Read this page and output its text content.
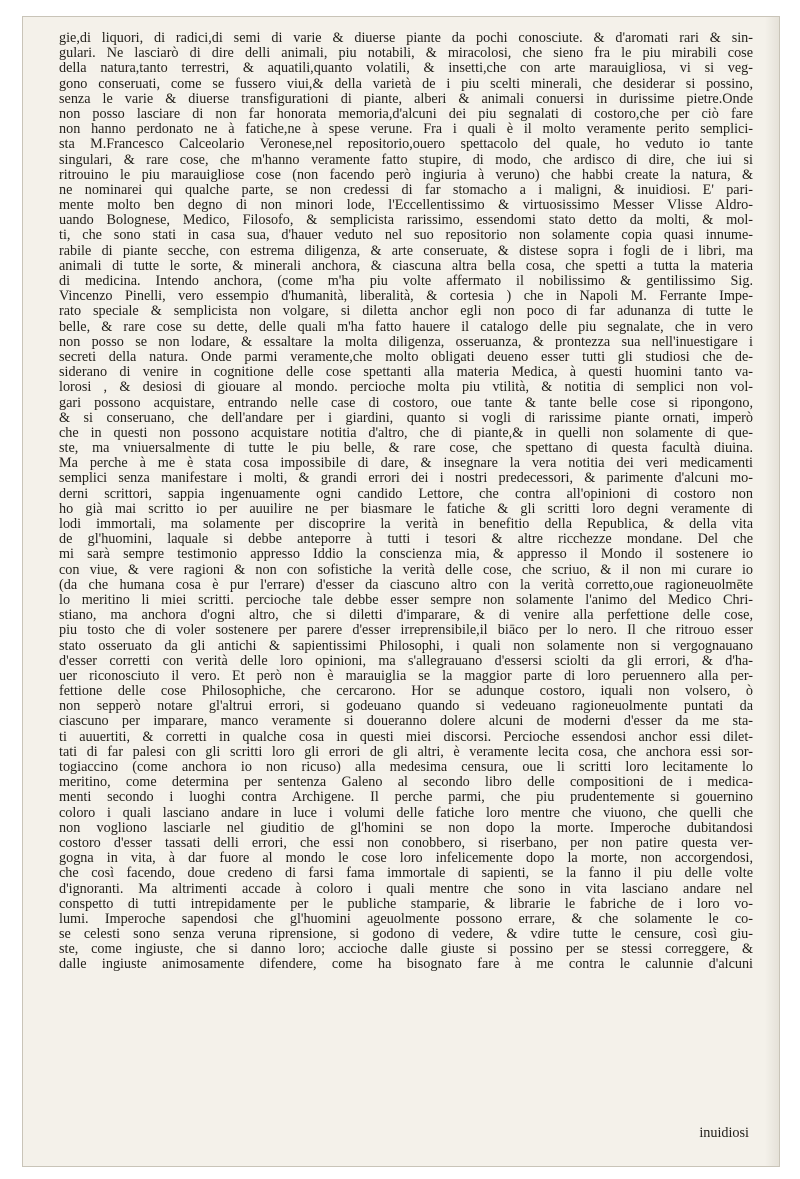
gie,di liquori, di radici,di semi di varie & diuerse piante da pochi conosciute. & d'aromati rari & sin-
gulari. Ne lasciarò di dire delli animali, piu notabili, & miracolosi, che sieno fra le piu mirabili cose
della natura,tanto terrestri, & aquatili,quanto volatili, & insetti,che con arte marauigliosa, vi si veg-
gono conseruati, come se fussero viui,& della varietà de i piu scelti minerali, che desiderar si possino,
senza le varie & diuerse transfigurationi di piante, alberi & animali conuersi in durissime pietre.Onde
non posso lasciare di non far honorata memoria,d'alcuni dei piu segnalati di costoro,che per ciò fare
non hanno perdonato ne à fatiche,ne à spese verune. Fra i quali è il molto veramente perito semplici-
sta M.Francesco Calceolario Veronese,nel repositorio,ouero spettacolo del quale, ho veduto io tante
singulari, & rare cose, che m'hanno veramente fatto stupire, di modo, che ardisco di dire, che iui si
ritrouino le piu marauigliose cose (non facendo però ingiuria à veruno) che habbi create la natura, &
ne nominarei qui qualche parte, se non credessi di far stomacho a i maligni, & inuidiosi. E' pari-
mente molto ben degno di non minori lode, l'Eccellentissimo & virtuosissimo Messer Vlisse Aldro-
uando Bolognese, Medico, Filosofo, & semplicista rarissimo, essendomi stato detto da molti, & mol-
ti, che sono stati in casa sua, d'hauer veduto nel suo repositorio non solamente copia quasi innume-
rabile di piante secche, con estrema diligenza, & arte conseruate, & distese sopra i fogli de i libri, ma
animali di tutte le sorte, & minerali anchora, & ciascuna altra bella cosa, che spetti a tutta la materia
di medicina. Intendo anchora, (come m'ha piu volte affermato il nobilissimo & gentilissimo Sig.
Vincenzo Pinelli, vero essempio d'humanità, liberalità, & cortesia ) che in Napoli M. Ferrante Impe-
rato speciale & semplicista non volgare, si diletta anchor egli non poco di far adunanza di tutte le
belle, & rare cose su dette, delle quali m'ha fatto hauere il catalogo delle piu segnalate, che in vero
non posso se non lodare, & essaltare la molta diligenza, osseruanza, & prontezza sua nell'inuestigare i
secreti della natura. Onde parmi veramente,che molto obligati deueno esser tutti gli studiosi che de-
siderano di venire in cognitione delle cose spettanti alla materia Medica, à questi huomini tanto va-
lorosi , & desiosi di giouare al mondo. percioche molta piu vtilità, & notitia di semplici non vol-
gari possono acquistare, entrando nelle case di costoro, oue tante & tante belle cose si ripongono,
& si conseruano, che dell'andare per i giardini, quanto si vogli di rarissime piante ornati, imperò
che in questi non possono acquistare notitia d'altro, che di piante,& in quelli non solamente di que-
ste, ma vniuersalmente di tutte le piu belle, & rare cose, che spettano di questa facultà diuina.
Ma perche à me è stata cosa impossibile di dare, & insegnare la vera notitia dei veri medicamenti
semplici senza manifestare i molti, & grandi errori dei i nostri predecessori, & parimente d'alcuni mo-
derni scrittori, sappia ingenuamente ogni candido Lettore, che contra all'opinioni di costoro non
ho già mai scritto io per auuilire ne per biasmare le fatiche & gli scritti loro degni veramente di
lodi immortali, ma solamente per discoprire la verità in benefitio della Republica, & della vita
de gl'huomini, laquale si debbe anteporre à tutti i tesori & altre ricchezze mondane. Del che
mi sarà sempre testimonio appresso Iddio la conscienza mia, & appresso il Mondo il sostenere io
con viue, & vere ragioni & non con sofistiche la verità delle cose, che scriuo, & il non mi curare io
(da che humana cosa è pur l'errare) d'esser da ciascuno altro con la verità corretto,oue ragioneuolmēte
lo meritino li miei scritti. percioche tale debbe esser sempre non solamente l'animo del Medico Chri-
stiano, ma anchora d'ogni altro, che si diletti d'imparare, & di venire alla perfettione delle cose,
piu tosto che di voler sostenere per parere d'esser irreprensibile,il biāco per lo nero. Il che ritrouo esser
stato osseruato da gli antichi & sapientissimi Philosophi, i quali non solamente non si vergognauano
d'esser corretti con verità delle loro opinioni, ma s'allegrauano d'essersi sciolti da gli errori, & d'ha-
uer riconosciuto il vero. Et però non è marauiglia se la maggior parte di loro peruennero alla per-
fettione delle cose Philosophiche, che cercarono. Hor se adunque costoro, iquali non volsero, ò
non sepperò notare gl'altrui errori, si godeuano quando si vedeuano ragioneuolmente puntati da
ciascuno per imparare, manco veramente si doueranno dolere alcuni de moderni d'esser da me sta-
ti auuertiti, & corretti in qualche cosa in questi miei discorsi. Percioche essendosi anchor essi dilet-
tati di far palesi con gli scritti loro gli errori de gli altri, è veramente lecita cosa, che anchora essi sor-
togiaccino (come anchora io non ricuso) alla medesima censura, oue li scritti loro lecitamente lo
meritino, come determina per sentenza Galeno al secondo libro delle compositioni de i medica-
menti secondo i luoghi contra Archigene. Il perche parmi, che piu prudentemente si gouernino
coloro i quali lasciano andare in luce i volumi delle fatiche loro mentre che viuono, che quelli che
non vogliono lasciarle nel giuditio de gl'homini se non dopo la morte. Imperoche dubitandosi
costoro d'esser tassati delli errori, che essi non conobbero, si riserbano, per non patire questa ver-
gogna in vita, à dar fuore al mondo le cose loro infelicemente dopo la morte, non accorgendosi,
che così facendo, doue credeno di farsi fama immortale di sapienti, se la fanno il piu delle volte
d'ignoranti. Ma altrimenti accade à coloro i quali mentre che sono in vita lasciano andare nel
conspetto di tutti intrepidamente per le publiche stamparie, & librarie le fabriche de i loro vo-
lumi. Imperoche sapendosi che gl'huomini ageuolmente possono errare, & che solamente le co-
se celesti sono senza veruna riprensione, si godono di vedere, & vdire tutte le censure, così giu-
ste, come ingiuste, che si danno loro; accioche dalle giuste si possino per se stessi correggere, &
dalle ingiuste animosamente difendere, come ha bisognato fare à me contra le calunnie d'alcuni
inuidiosi
